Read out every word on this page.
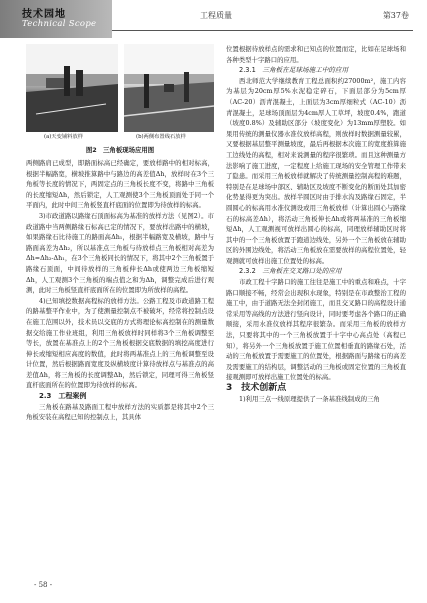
技术园地
Technical Scope
工程质量	第37卷
(a)天变铺料放样	(b)两侧布置线石放样
图2　三角板现场应用图

两侧路肩已成型，即路面标高已经确定，要放样路中的相对标高，根据半幅路宽，横坡推算路中与路边的高差值Δh，放样时在3个三角板等长度的情况下，两固定点的三角板长度不变，将路中三角板的长度缩短Δh，然后锁定，人工观测使3个三角板顶面处于同一个平面内，此时中间三角板竖直杆底面的位置即为待放样的标高。

3)市政道路以路缘石顶面标高为基准的放样方法（见图2）。市政道路中当两侧路缘石标高已定的情况下，要放样出路中的横坡，如果路缘石比待施工的路面高Δh₁，根据半幅路宽及横坡，路中与路面高差为Δh₂，所以基准点三角板与待放样点三角板相对高差为Δh=Δh₂-Δh₁，在3个三角板同长的情况下，将其中2个三角板置于路缘石顶面，中间待放样的三角板伸长Δh或使两边三角板缩短Δh，人工观测3个三角板的端点值之和为Δh，调整完成后进行观测，此时三角板竖直杆底面所在的位置即为所放样的高程。

4)已知填挖数据高程标的放样方法。公路工程及市政道路工程的路基整平作业中，为了使测量控制点不被破坏，经常将控制点设在施工范围以外，技术员以交底的方式将理论标高控制在的测量数据交给施工作业班组，利用三角板放样时同样将3个三角板调整至等长，放置在基准点上的2个三角板根据交底数据的填挖高度进行伸长或缩短相应高度的数值，此时将两基准点上的三角板调整至设计位置，然后根据路面宽度及纵横坡度计算待放样点与基准点的高差值Δh，将三角板的长度调整Δh，然后锁定，同理可得三角板竖直杆底面所在的位置即为待放样的标高。

2.3　工程案例

三角板在路基及路面工程中放样方法的实质都是将其中2个三角板安装在高程已知的控制点上，其具体

位置根据待放样点的需求和已知点的位置而定，比如在足球场和各种类型十字路口的应用。

2.3.1　 三角板在足球场施工中的应用

西北师范大学继续教育工程总面积约27000m²，施工内容为基层为20cm厚5%水泥稳定碎石，下面层部分为5cm厚（AC-20）沥青混凝土，上面层为3cm厚细粒式（AC-10）沥青混凝土，足球场顶面层为4cm厚人工草坪，坡度0.4%，跑道（坡度0.8%）及辅助区部分（坡度变化）为13mm厚塑胶。如果用传统的测量仪器水准仪放样高程，则放样时数据测量较累，又要根据基层整平测量坡度，最后再根据本次施工的宽度推算施工边线处的高程，相对来说测量的程序很繁琐。而且这种测量方法影响了施工进度，一定程度上给施工现场的安全管理工作带来了隐患。而采用三角板放样就解决了传统测量控制高程的难题，特别是在足球场中部区、辅助区及坡度不断变化的断面处其加密化势显得更为突出。放样半圆区时由于排水沟及路缘石固定，半圆圆心的标高用水准仪测设或用三角板放样（计算出圆心与路缘石的标高差Δh），将活动三角板伸长Δh或将两基准的三角板缩短Δh，人工观测视可放样出圆心的标高，同理放样辅助区时将其中的一个三角板放置于跑道边线处，另外一个三角板放在辅助区的外围边线处，将活动三角板放在需要放样的高程位置处，轻观测就可放样出施工位置处的标高。

2.3.2　 三角板在交叉路口处的应用

市政工程十字路口的施工往往是施工中的重点和难点，十字路口顺接不畅，经常会出现积水现象，特别是在市政整治工程的施工中，由于道路无法全封闭施工，而且交叉路口的高程设计通常采用等高线的方法进行竖向设计，同时要考虑各个路口的正确顺接，采用水准仪放样其程序很繁杂。而采用三角板的放样方法，只要将其中的一个三角板放置于十字中心高点处（高程已知），将另外一个三角板放置于施工位置相垂直的路缘石处，活动的三角板放置于需要施工的位置处，根据路面与路缘石的高差及需要施工的结构层，调整活动的三角板或固定位置的三角板直接观测即可放样出施工位置处的标高。

3　技术创新点

1)利用三点一线原理提供了一条基准线制成的三角

- 58 -
